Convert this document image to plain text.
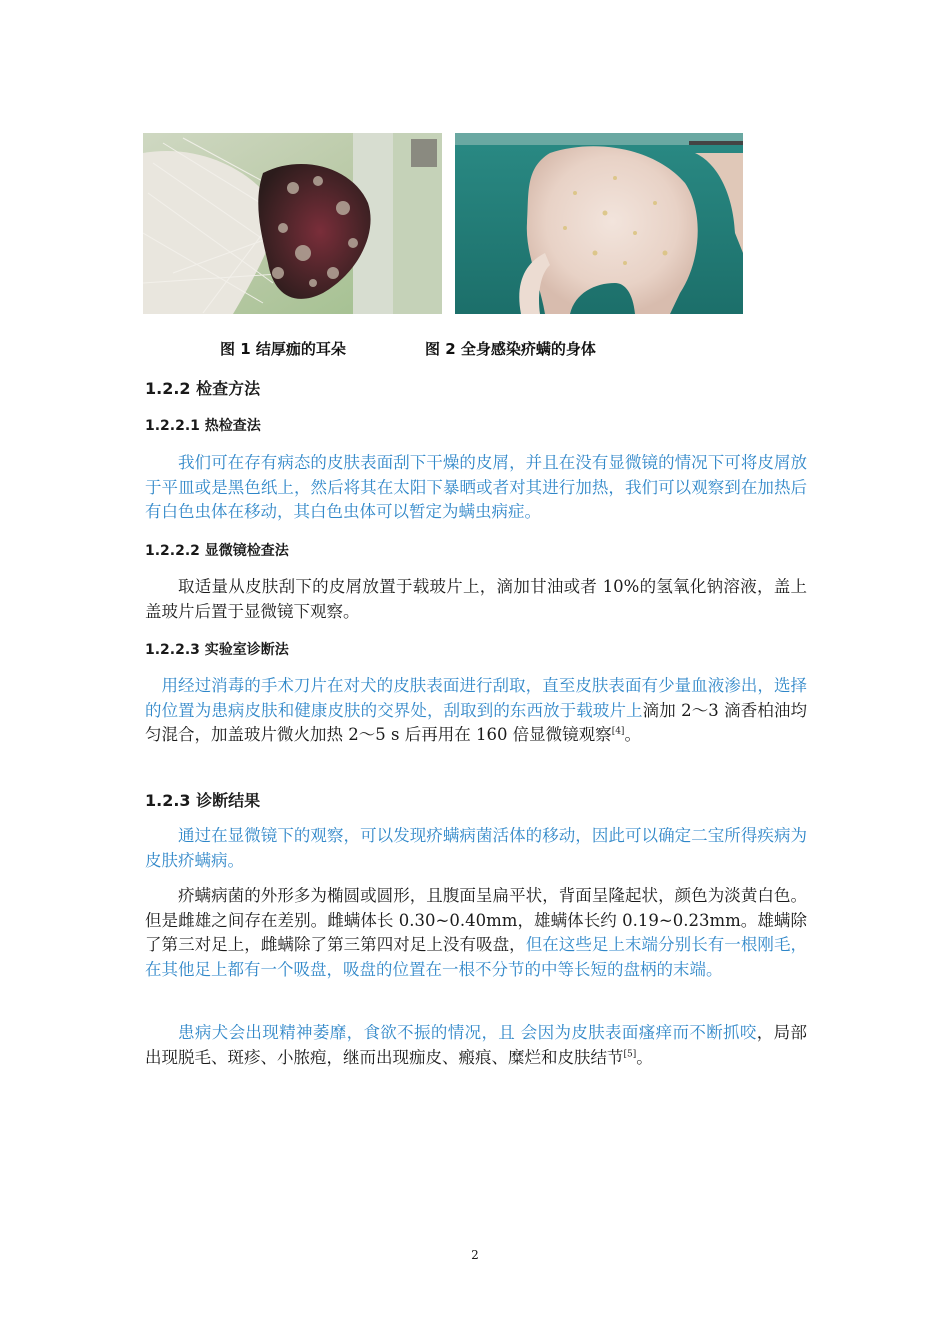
图 1 结厚痂的耳朵	图 2 全身感染疥螨的身体
1.2.2 检查方法
1.2.2.1 热检查法

我们可在存有病态的皮肤表面刮下干燥的皮屑，并且在没有显微镜的情况下可将皮屑放于平皿或是黑色纸上，然后将其在太阳下暴晒或者对其进行加热，我们可以观察到在加热后有白色虫体在移动，其白色虫体可以暂定为螨虫病症。

1.2.2.2 显微镜检查法

取适量从皮肤刮下的皮屑放置于载玻片上，滴加甘油或者 10%的氢氧化钠溶液，盖上盖玻片后置于显微镜下观察。

1.2.2.3 实验室诊断法

用经过消毒的手术刀片在对犬的皮肤表面进行刮取，直至皮肤表面有少量血液渗出，选择的位置为患病皮肤和健康皮肤的交界处，刮取到的东西放于载玻片上滴加 2～3 滴香柏油均匀混合，加盖玻片微火加热 2～5 s 后再用在 160 倍显微镜观察[4]。

1.2.3 诊断结果

通过在显微镜下的观察，可以发现疥螨病菌活体的移动，因此可以确定二宝所得疾病为皮肤疥螨病。

疥螨病菌的外形多为椭圆或圆形，且腹面呈扁平状，背面呈隆起状，颜色为淡黄白色。但是雌雄之间存在差别。雌螨体长 0.30~0.40mm，雄螨体长约 0.19~0.23mm。雄螨除了第三对足上，雌螨除了第三第四对足上没有吸盘，但在这些足上末端分别长有一根刚毛，在其他足上都有一个吸盘，吸盘的位置在一根不分节的中等长短的盘柄的末端。

患病犬会出现精神萎靡，食欲不振的情况，且 会因为皮肤表面瘙痒而不断抓咬，局部出现脱毛、斑疹、小脓疱，继而出现痂皮、瘢痕、糜烂和皮肤结节[5]。

2
